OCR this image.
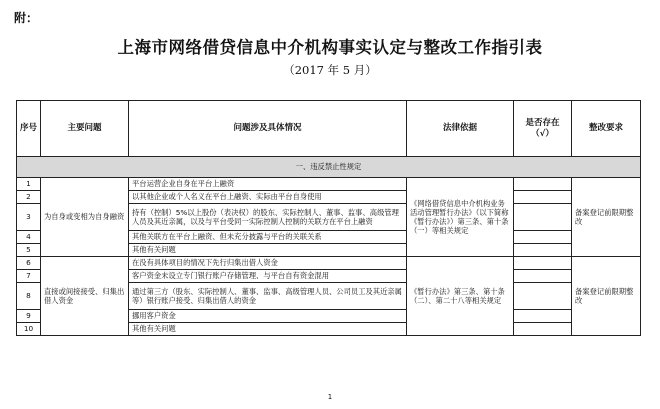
附：
上海市网络借贷信息中介机构事实认定与整改工作指引表
（2017 年 5 月）
序号	主要问题	问题涉及具体情况	法律依据	是否存在（√）	整改要求
一、违反禁止性规定					
1	为自身或变相为自身融资	平台运营企业自身在平台上融资	《网络借贷信息中介机构业务活动管理暂行办法》（以下简称《暂行办法》）第三条、第十条（一）等相关规定		备案登记前限期整改
2		以其他企业或个人名义在平台上融资、实际由平台自身使用			
3		持有（控制）5%以上股份（表决权）的股东、实际控制人、董事、监事、高级管理人员及其近亲属，以及与平台受同一实际控制人控制的关联方在平台上融资			
4		其他关联方在平台上融资、但未充分披露与平台的关联关系			
5		其他有关问题			
6	直接或间接接受、归集出借人资金	在没有具体项目的情况下先行归集出借人资金	《暂行办法》第三条、第十条（二）、第二十八等相关规定		备案登记前限期整改
7		客户资金未设立专门银行账户存储管理、与平台自有资金混用			
8		通过第三方（股东、实际控制人、董事、监事、高级管理人员、公司员工及其近亲属等）银行账户接受、归集出借人的资金			
9		挪用客户资金			
10		其他有关问题			
1
